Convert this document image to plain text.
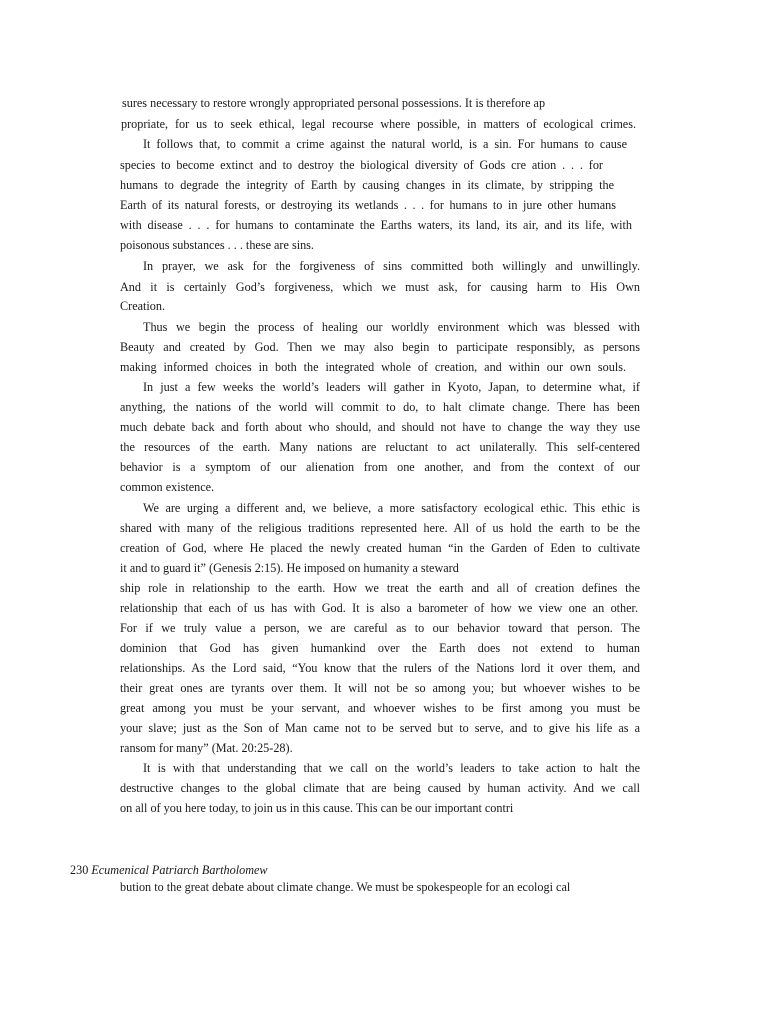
sures necessary to restore wrongly appropriated personal possessions. It is therefore ap
propriate, for us to seek ethical, legal recourse where possible, in matters of ecological crimes.
It follows that, to commit a crime against the natural world, is a sin. For humans to cause
species to become extinct and to destroy the biological diversity of Gods cre ation . . . for
humans to degrade the integrity of Earth by causing changes in its climate, by stripping the
Earth of its natural forests, or destroying its wetlands . . . for humans to in jure other humans
with disease . . . for humans to contaminate the Earths waters, its land, its air, and its life, with
poisonous substances . . . these are sins.
In prayer, we ask for the forgiveness of sins committed both willingly and unwillingly.
And it is certainly God’s forgiveness, which we must ask, for causing harm to His Own
Creation.
Thus we begin the process of healing our worldly environment which was blessed with
Beauty and created by God. Then we may also begin to participate responsibly, as persons
making informed choices in both the integrated whole of creation, and within our own souls.
In just a few weeks the world’s leaders will gather in Kyoto, Japan, to determine what, if
anything, the nations of the world will commit to do, to halt climate change. There has been
much debate back and forth about who should, and should not have to change the way they use
the resources of the earth. Many nations are reluctant to act unilaterally. This self-centered
behavior is a symptom of our alienation from one another, and from the context of our
common existence.
We are urging a different and, we believe, a more satisfactory ecological ethic. This ethic is
shared with many of the religious traditions represented here. All of us hold the earth to be the
creation of God, where He placed the newly created human “in the Garden of Eden to cultivate
it and to guard it” (Genesis 2:15). He imposed on humanity a steward
ship role in relationship to the earth. How we treat the earth and all of creation defines the
relationship that each of us has with God. It is also a barometer of how we view one an other.
For if we truly value a person, we are careful as to our behavior toward that person. The
dominion that God has given humankind over the Earth does not extend to human
relationships. As the Lord said, “You know that the rulers of the Nations lord it over them, and
their great ones are tyrants over them. It will not be so among you; but whoever wishes to be
great among you must be your servant, and whoever wishes to be first among you must be
your slave; just as the Son of Man came not to be served but to serve, and to give his life as a
ransom for many” (Mat. 20:25-28).
It is with that understanding that we call on the world’s leaders to take action to halt the
destructive changes to the global climate that are being caused by human activity. And we call
on all of you here today, to join us in this cause. This can be our important contri
230 Ecumenical Patriarch Bartholomew
bution to the great debate about climate change. We must be spokespeople for an ecologi cal
